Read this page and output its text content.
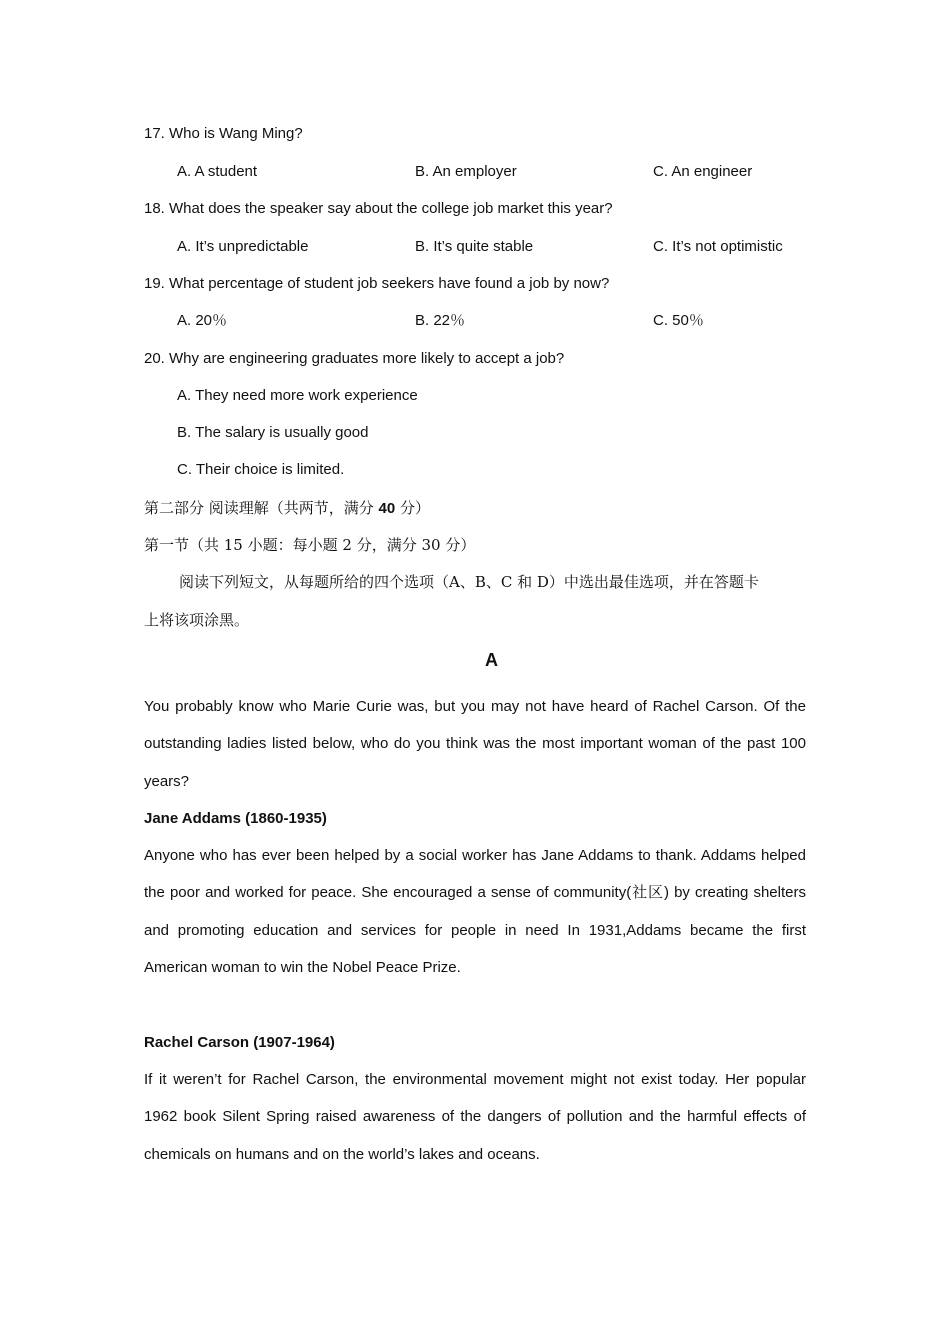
17. Who is Wang Ming?
A. A student	B. An employer	C. An engineer
18. What does the speaker say about the college job market this year?
A. It’s unpredictable	B. It’s quite stable	C. It’s not optimistic
19. What percentage of student job seekers have found a job by now?
A. 20％	B. 22％	C. 50％
20. Why are engineering graduates more likely to accept a job?
A. They need more work experience
B. The salary is usually good
C. Their choice is limited.
第二部分 阅读理解（共两节，满分 40 分）
第一节（共 15 小题：每小题 2 分，满分 30 分）
阅读下列短文，从每题所给的四个选项（A、B、C 和 D）中选出最佳选项，并在答题卡
上将该项涂黑。
A
You probably know who Marie Curie was, but you may not have heard of Rachel Carson. Of the outstanding ladies listed below, who do you think was the most important woman of the past 100 years?
Jane Addams (1860-1935)
Anyone who has ever been helped by a social worker has Jane Addams to thank. Addams helped the poor and worked for peace. She encouraged a sense of community(社区) by creating shelters and promoting education and services for people in need In 1931,Addams became the first American woman to win the Nobel Peace Prize.
Rachel Carson (1907-1964)
If it weren’t for Rachel Carson, the environmental movement might not exist today. Her popular 1962 book Silent Spring raised awareness of the dangers of pollution and the harmful effects of chemicals on humans and on the world’s lakes and oceans.
